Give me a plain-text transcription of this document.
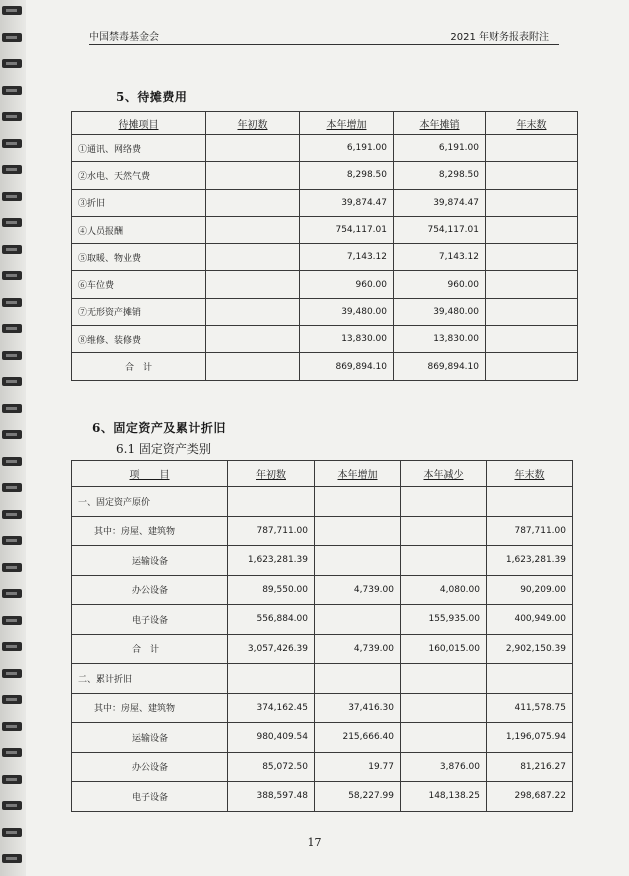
中国禁毒基金会	2021 年财务报表附注
5、待摊费用
待摊项目	年初数	本年增加	本年摊销	年末数
①通讯、网络费		6,191.00	6,191.00	
②水电、天然气费		8,298.50	8,298.50	
③折旧		39,874.47	39,874.47	
④人员报酬		754,117.01	754,117.01	
⑤取暖、物业费		7,143.12	7,143.12	
⑥车位费		960.00	960.00	
⑦无形资产摊销		39,480.00	39,480.00	
⑧维修、装修费		13,830.00	13,830.00	
合　计		869,894.10	869,894.10	
6、固定资产及累计折旧
6.1 固定资产类别
项　　目	年初数	本年增加	本年减少	年末数
一、固定资产原价				
其中：房屋、建筑物	787,711.00			787,711.00
运输设备	1,623,281.39			1,623,281.39
办公设备	89,550.00	4,739.00	4,080.00	90,209.00
电子设备	556,884.00		155,935.00	400,949.00
合　计	3,057,426.39	4,739.00	160,015.00	2,902,150.39
二、累计折旧				
其中：房屋、建筑物	374,162.45	37,416.30		411,578.75
运输设备	980,409.54	215,666.40		1,196,075.94
办公设备	85,072.50	19.77	3,876.00	81,216.27
电子设备	388,597.48	58,227.99	148,138.25	298,687.22
17
